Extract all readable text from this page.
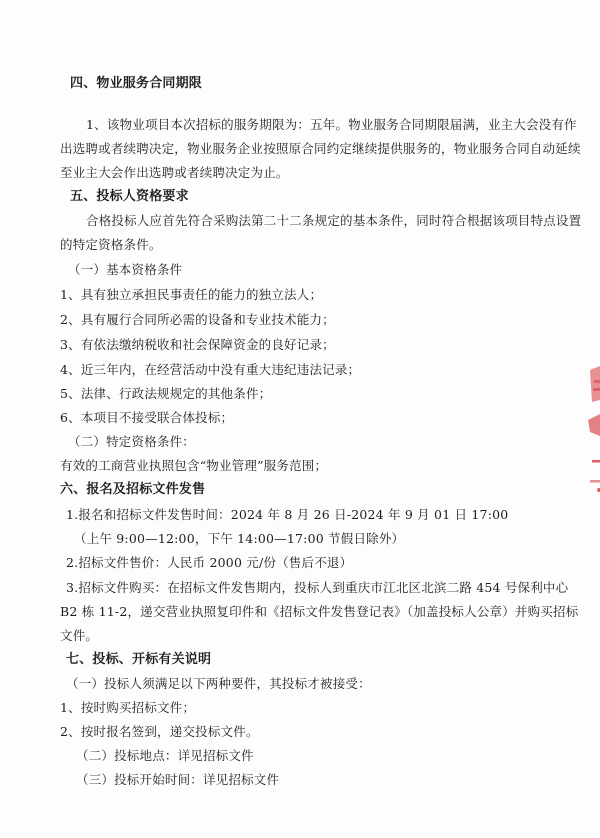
四、物业服务合同期限
1、该物业项目本次招标的服务期限为：五年。物业服务合同期限届满，业主大会没有作
出选聘或者续聘决定，物业服务企业按照原合同约定继续提供服务的，物业服务合同自动延续
至业主大会作出选聘或者续聘决定为止。
五、投标人资格要求
合格投标人应首先符合采购法第二十二条规定的基本条件，同时符合根据该项目特点设置
的特定资格条件。
（一）基本资格条件
1、具有独立承担民事责任的能力的独立法人；
2、具有履行合同所必需的设备和专业技术能力；
3、有依法缴纳税收和社会保障资金的良好记录；
4、近三年内，在经营活动中没有重大违纪违法记录；
5、法律、行政法规规定的其他条件；
6、本项目不接受联合体投标；
（二）特定资格条件：
有效的工商营业执照包含“物业管理”服务范围；
六、报名及招标文件发售
1.报名和招标文件发售时间：2024 年 8 月 26 日-2024 年 9 月 01 日 17:00
（上午 9:00—12:00，下午 14:00—17:00 节假日除外）
2.招标文件售价：人民币 2000 元/份（售后不退）
3.招标文件购买：在招标文件发售期内，投标人到重庆市江北区北滨二路 454 号保利中心
B2 栋 11-2，递交营业执照复印件和《招标文件发售登记表》（加盖投标人公章）并购买招标
文件。
七、投标、开标有关说明
（一）投标人须满足以下两种要件，其投标才被接受：
1、按时购买招标文件；
2、按时报名签到，递交投标文件。
（二）投标地点：详见招标文件
（三）投标开始时间：详见招标文件
